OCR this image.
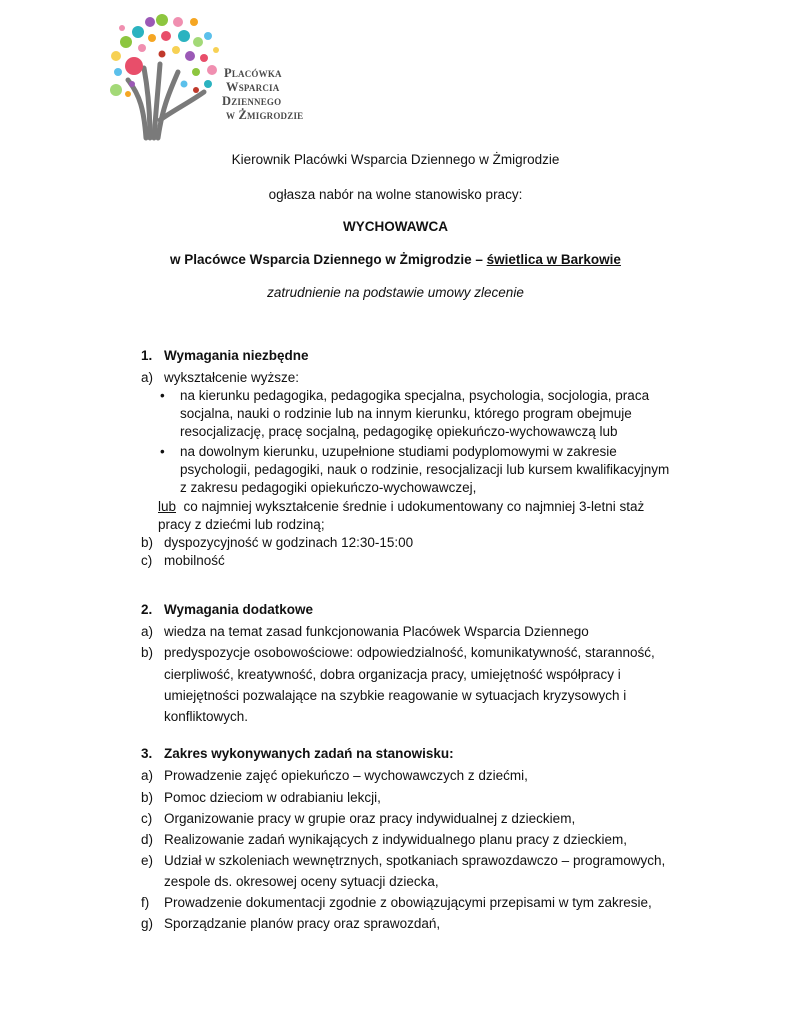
Placówka
Wsparcia
Dziennego
w Żmigrodzie
Kierownik Placówki Wsparcia Dziennego w Żmigrodzie
ogłasza nabór na wolne stanowisko pracy:
WYCHOWAWCA
w Placówce Wsparcia Dziennego w Żmigrodzie – świetlica w Barkowie
zatrudnienie na podstawie umowy zlecenie
1. Wymagania niezbędne
a) wykształcenie wyższe:
• na kierunku pedagogika, pedagogika specjalna, psychologia, socjologia, praca
socjalna, nauki o rodzinie lub na innym kierunku, którego program obejmuje
resocjalizację, pracę socjalną, pedagogikę opiekuńczo-wychowawczą lub
• na dowolnym kierunku, uzupełnione studiami podyplomowymi w zakresie
psychologii, pedagogiki, nauk o rodzinie, resocjalizacji lub kursem kwalifikacyjnym
z zakresu pedagogiki opiekuńczo-wychowawczej,
lub  co najmniej wykształcenie średnie i udokumentowany co najmniej 3-letni staż
pracy z dziećmi lub rodziną;
b) dyspozycyjność w godzinach 12:30-15:00
c) mobilność
2. Wymagania dodatkowe
a) wiedza na temat zasad funkcjonowania Placówek Wsparcia Dziennego
b) predyspozycje osobowościowe: odpowiedzialność, komunikatywność, staranność,
cierpliwość, kreatywność, dobra organizacja pracy, umiejętność współpracy i
umiejętności pozwalające na szybkie reagowanie w sytuacjach kryzysowych i
konfliktowych.
3. Zakres wykonywanych zadań na stanowisku:
a) Prowadzenie zajęć opiekuńczo – wychowawczych z dziećmi,
b) Pomoc dzieciom w odrabianiu lekcji,
c) Organizowanie pracy w grupie oraz pracy indywidualnej z dzieckiem,
d) Realizowanie zadań wynikających z indywidualnego planu pracy z dzieckiem,
e) Udział w szkoleniach wewnętrznych, spotkaniach sprawozdawczo – programowych,
zespole ds. okresowej oceny sytuacji dziecka,
f) Prowadzenie dokumentacji zgodnie z obowiązującymi przepisami w tym zakresie,
g) Sporządzanie planów pracy oraz sprawozdań,
